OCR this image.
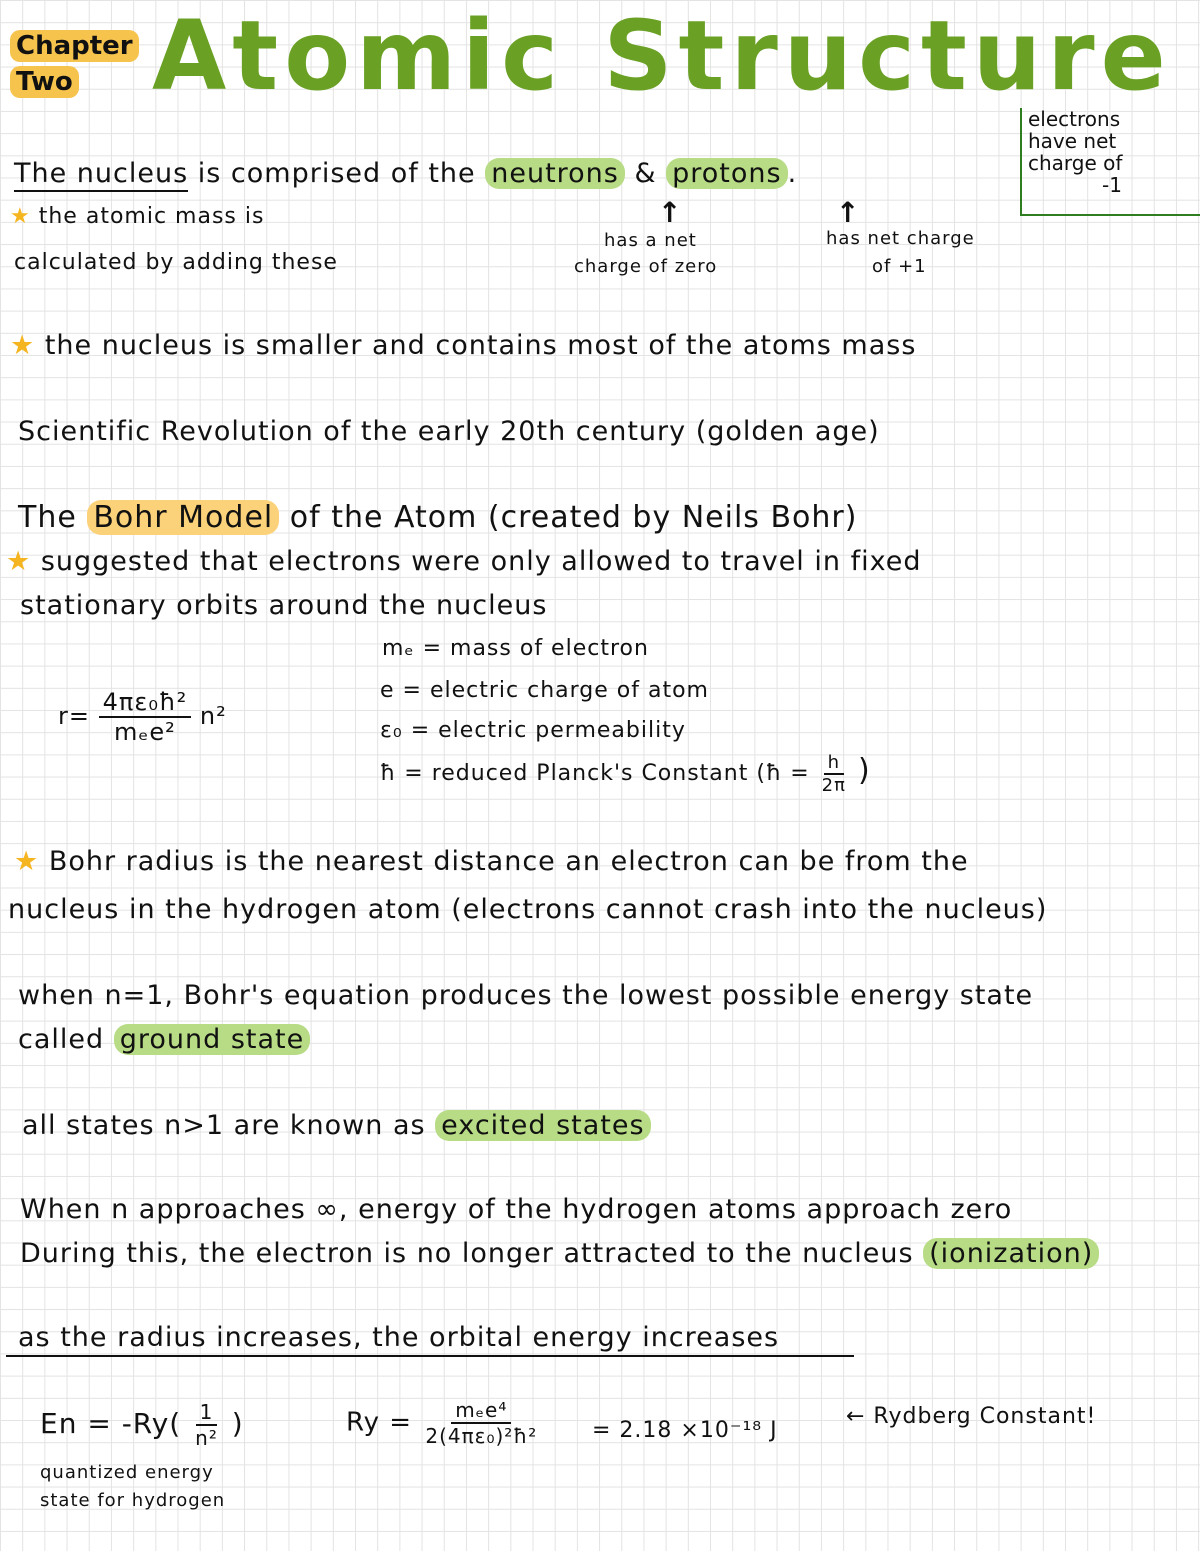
Chapter
Two Atomic Structure
electrons
have net
charge of
-1
The nucleus is comprised of the neutrons & protons .
★ the atomic mass is
calculated by adding these
↑
has a net
charge of zero
↑
has net charge
of +1
★ the nucleus is smaller and contains most of the atoms mass
Scientific Revolution of the early 20th century (golden age)
The Bohr Model of the Atom (created by Neils Bohr)
★ suggested that electrons were only allowed to travel in fixed
stationary orbits around the nucleus
$r= \frac{\text{4πε₀ħ²}}{\text{mₑe²}} n^2$
mₑ = mass of electron
e = electric charge of atom
ε₀ = electric permeability
ħ = reduced Planck's Constant (ħ = $\frac{h}{2\pi}$ )
★ Bohr radius is the nearest distance an electron can be from the
nucleus in the hydrogen atom (electrons cannot crash into the nucleus)
when n=1, Bohr's equation produces the lowest possible energy state
called ground state
all states n>1 are known as excited states
When n approaches ∞, energy of the hydrogen atoms approach zero
During this, the electron is no longer attracted to the nucleus (ionization)
as the radius increases, the orbital energy increases
$En = -Ry( \frac{1}{\text{n²}}$ )
quantized energy
state for hydrogen
$Ry = \frac{\text{mₑe⁴}}{\text{2(4πε₀)²ħ²}} = 2.18 \times 10^{-18}$ J
← Rydberg Constant!
